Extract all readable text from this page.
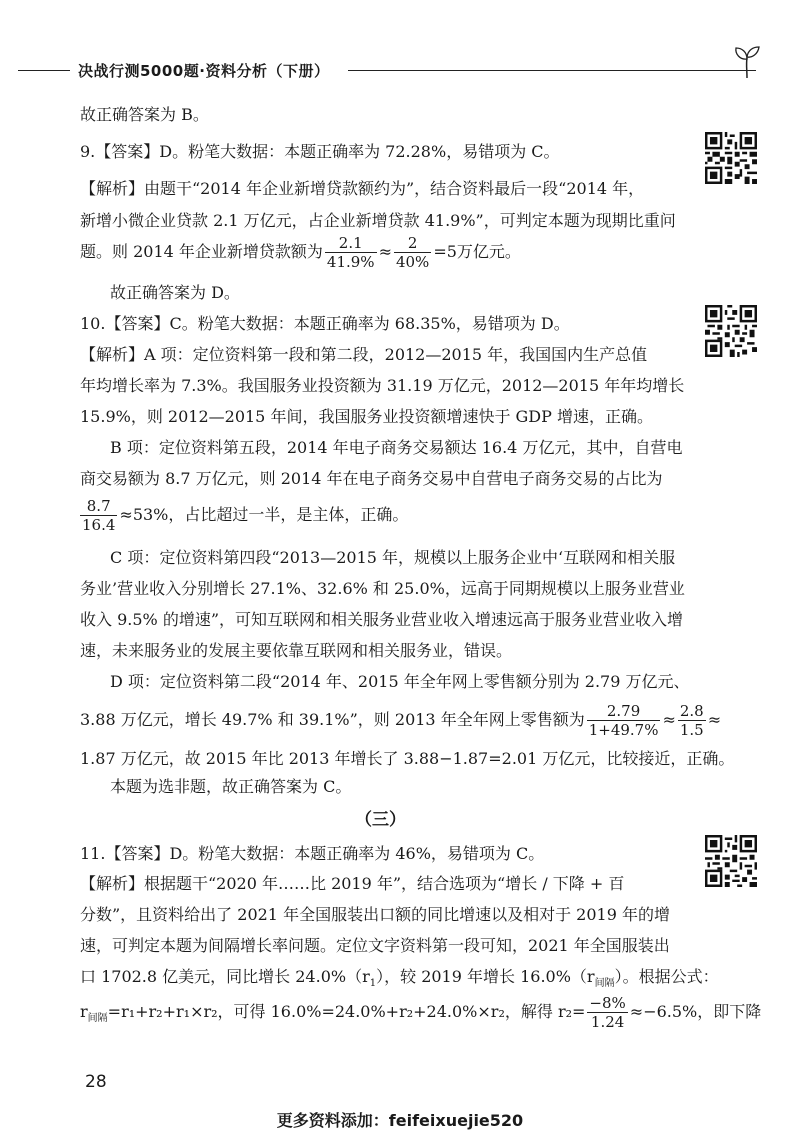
决战行测5000题·资料分析（下册）
故正确答案为 B。
9.【答案】D。粉笔大数据：本题正确率为 72.28%，易错项为 C。
【解析】由题干“2014 年企业新增贷款额约为”，结合资料最后一段“2014 年，
新增小微企业贷款 2.1 万亿元，占企业新增贷款 41.9%”，可判定本题为现期比重问
题。则 2014 年企业新增贷款额为 $\frac{2.1}{41.9\%} \approx \frac{2}{40\%} =5$万亿元。
故正确答案为 D。
10.【答案】C。粉笔大数据：本题正确率为 68.35%，易错项为 D。
【解析】A 项：定位资料第一段和第二段，2012—2015 年，我国国内生产总值
年均增长率为 7.3%。我国服务业投资额为 31.19 万亿元，2012—2015 年年均增长
15.9%，则 2012—2015 年间，我国服务业投资额增速快于 GDP 增速，正确。
B 项：定位资料第五段，2014 年电子商务交易额达 16.4 万亿元，其中，自营电
商交易额为 8.7 万亿元，则 2014 年在电子商务交易中自营电子商务交易的占比为
$\frac{8.7}{16.4} \approx 53\%$，占比超过一半，是主体，正确。
C 项：定位资料第四段“2013—2015 年，规模以上服务企业中‘互联网和相关服
务业’营业收入分别增长 27.1%、32.6% 和 25.0%，远高于同期规模以上服务业营业
收入 9.5% 的增速”，可知互联网和相关服务业营业收入增速远高于服务业营业收入增
速，未来服务业的发展主要依靠互联网和相关服务业，错误。
D 项：定位资料第二段“2014 年、2015 年全年网上零售额分别为 2.79 万亿元、
3.88 万亿元，增长 49.7% 和 39.1%”，则 2013 年全年网上零售额为 $\frac{2.79}{1+49.7\%} \approx \frac{2.8}{1.5}$ ≈
1.87 万亿元，故 2015 年比 2013 年增长了 3.88−1.87=2.01 万亿元，比较接近，正确。
本题为选非题，故正确答案为 C。
（三）
11.【答案】D。粉笔大数据：本题正确率为 46%，易错项为 C。
【解析】根据题干“2020 年……比 2019 年”，结合选项为“增长 / 下降 + 百
分数”，且资料给出了 2021 年全国服装出口额的同比增速以及相对于 2019 年的增
速，可判定本题为间隔增长率问题。定位文字资料第一段可知，2021 年全国服装出
口 1702.8 亿美元，同比增长 $24.0\%(r_1)$，较 2019 年增长 $16.0\%(r_{间隔})$。根据公式：
$r_{间隔}=r_1+r_2+r_1\times r_2$，可得 16.0%=24.0%+r₂+24.0%×r₂，解得 $r_2= \frac{-8\%}{1.24} \approx-6.5\%$，即下降
28
更多资料添加：feifeixuejie520
